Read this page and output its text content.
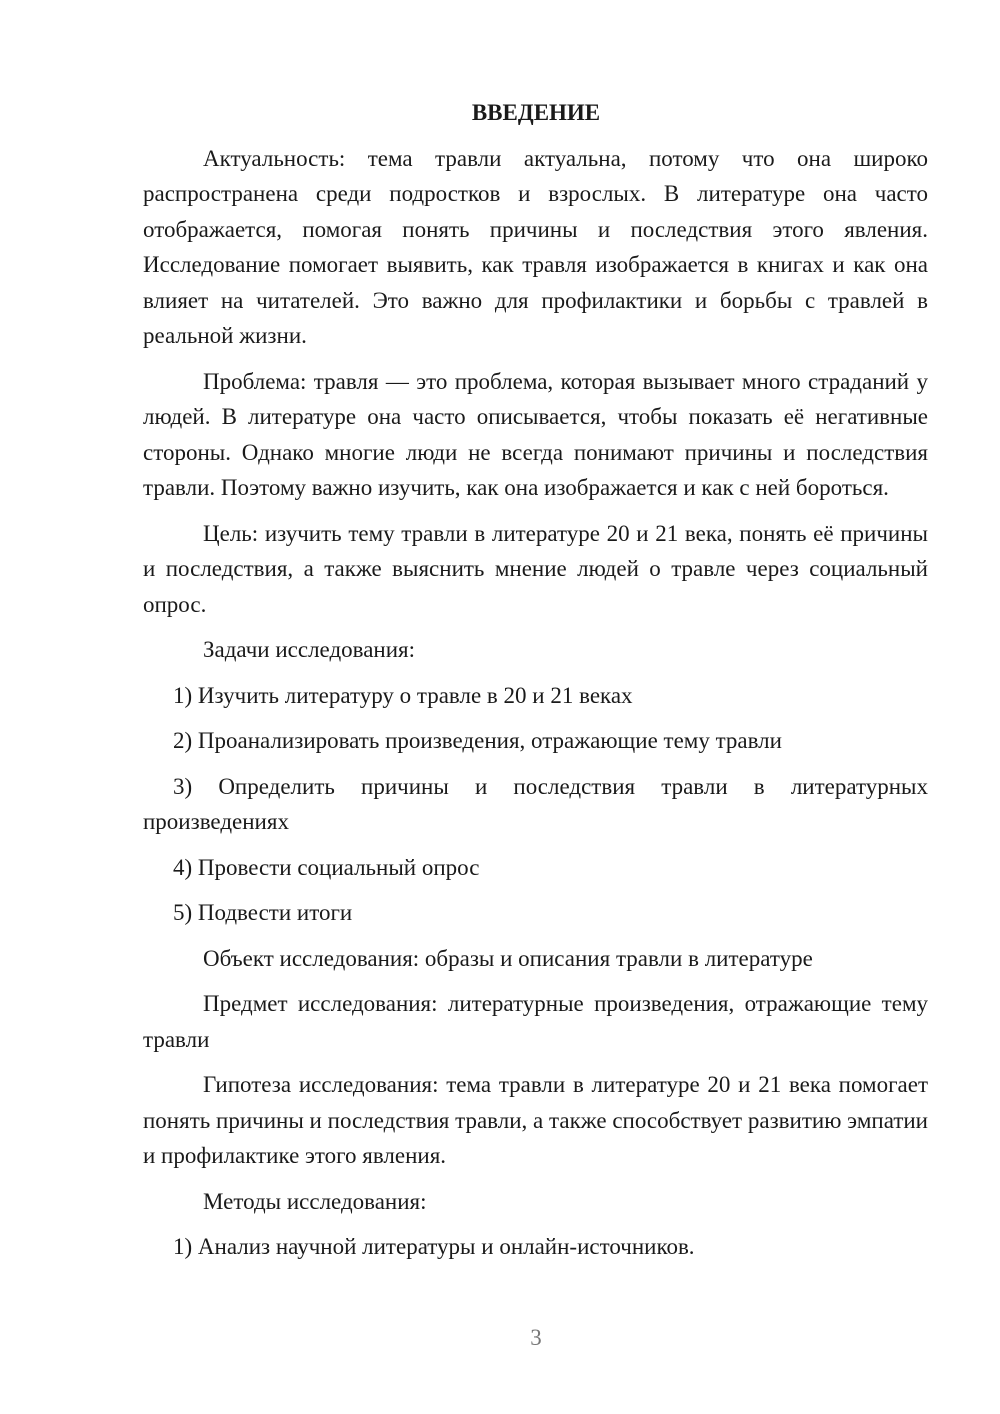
ВВЕДЕНИЕ

Актуальность: тема травли актуальна, потому что она широко распространена среди подростков и взрослых. В литературе она часто отображается, помогая понять причины и последствия этого явления. Исследование помогает выявить, как травля изображается в книгах и как она влияет на читателей. Это важно для профилактики и борьбы с травлей в реальной жизни.

Проблема: травля — это проблема, которая вызывает много страданий у людей. В литературе она часто описывается, чтобы показать её негативные стороны. Однако многие люди не всегда понимают причины и последствия травли. Поэтому важно изучить, как она изображается и как с ней бороться.

Цель: изучить тему травли в литературе 20 и 21 века, понять её причины и последствия, а также выяснить мнение людей о травле через социальный опрос.

Задачи исследования:

1) Изучить литературу о травле в 20 и 21 веках

2) Проанализировать произведения, отражающие тему травли

3) Определить причины и последствия травли в литературных произведениях

4) Провести социальный опрос

5) Подвести итоги

Объект исследования: образы и описания травли в литературе

Предмет исследования: литературные произведения, отражающие тему травли

Гипотеза исследования: тема травли в литературе 20 и 21 века помогает понять причины и последствия травли, а также способствует развитию эмпатии и профилактике этого явления.

Методы исследования:

1) Анализ научной литературы и онлайн-источников.

3
